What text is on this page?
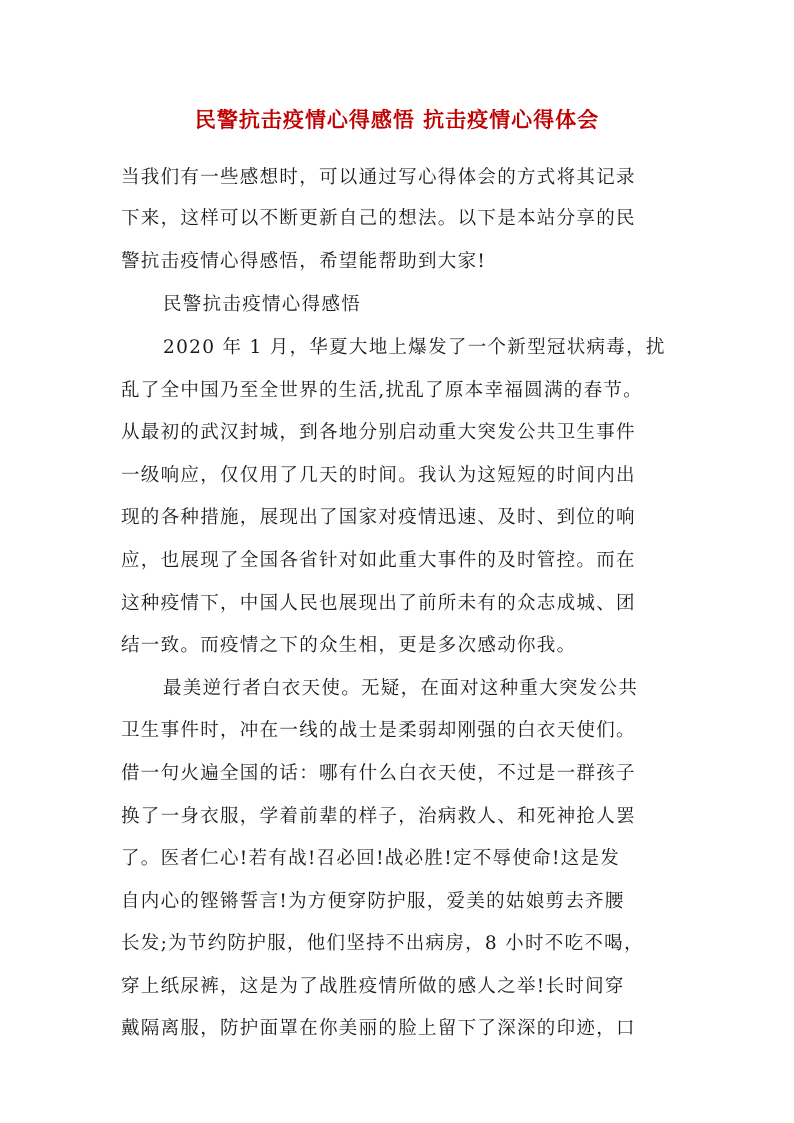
民警抗击疫情心得感悟 抗击疫情心得体会
当我们有一些感想时，可以通过写心得体会的方式将其记录
下来，这样可以不断更新自己的想法。以下是本站分享的民
警抗击疫情心得感悟，希望能帮助到大家!
民警抗击疫情心得感悟
2020 年 1 月，华夏大地上爆发了一个新型冠状病毒，扰
乱了全中国乃至全世界的生活,扰乱了原本幸福圆满的春节。
从最初的武汉封城，到各地分别启动重大突发公共卫生事件
一级响应，仅仅用了几天的时间。我认为这短短的时间内出
现的各种措施，展现出了国家对疫情迅速、及时、到位的响
应，也展现了全国各省针对如此重大事件的及时管控。而在
这种疫情下，中国人民也展现出了前所未有的众志成城、团
结一致。而疫情之下的众生相，更是多次感动你我。
最美逆行者白衣天使。无疑，在面对这种重大突发公共
卫生事件时，冲在一线的战士是柔弱却刚强的白衣天使们。
借一句火遍全国的话：哪有什么白衣天使，不过是一群孩子
换了一身衣服，学着前辈的样子，治病救人、和死神抢人罢
了。医者仁心!若有战!召必回!战必胜!定不辱使命!这是发
自内心的铿锵誓言!为方便穿防护服，爱美的姑娘剪去齐腰
长发;为节约防护服，他们坚持不出病房，8 小时不吃不喝，
穿上纸尿裤，这是为了战胜疫情所做的感人之举!长时间穿
戴隔离服，防护面罩在你美丽的脸上留下了深深的印迹，口
